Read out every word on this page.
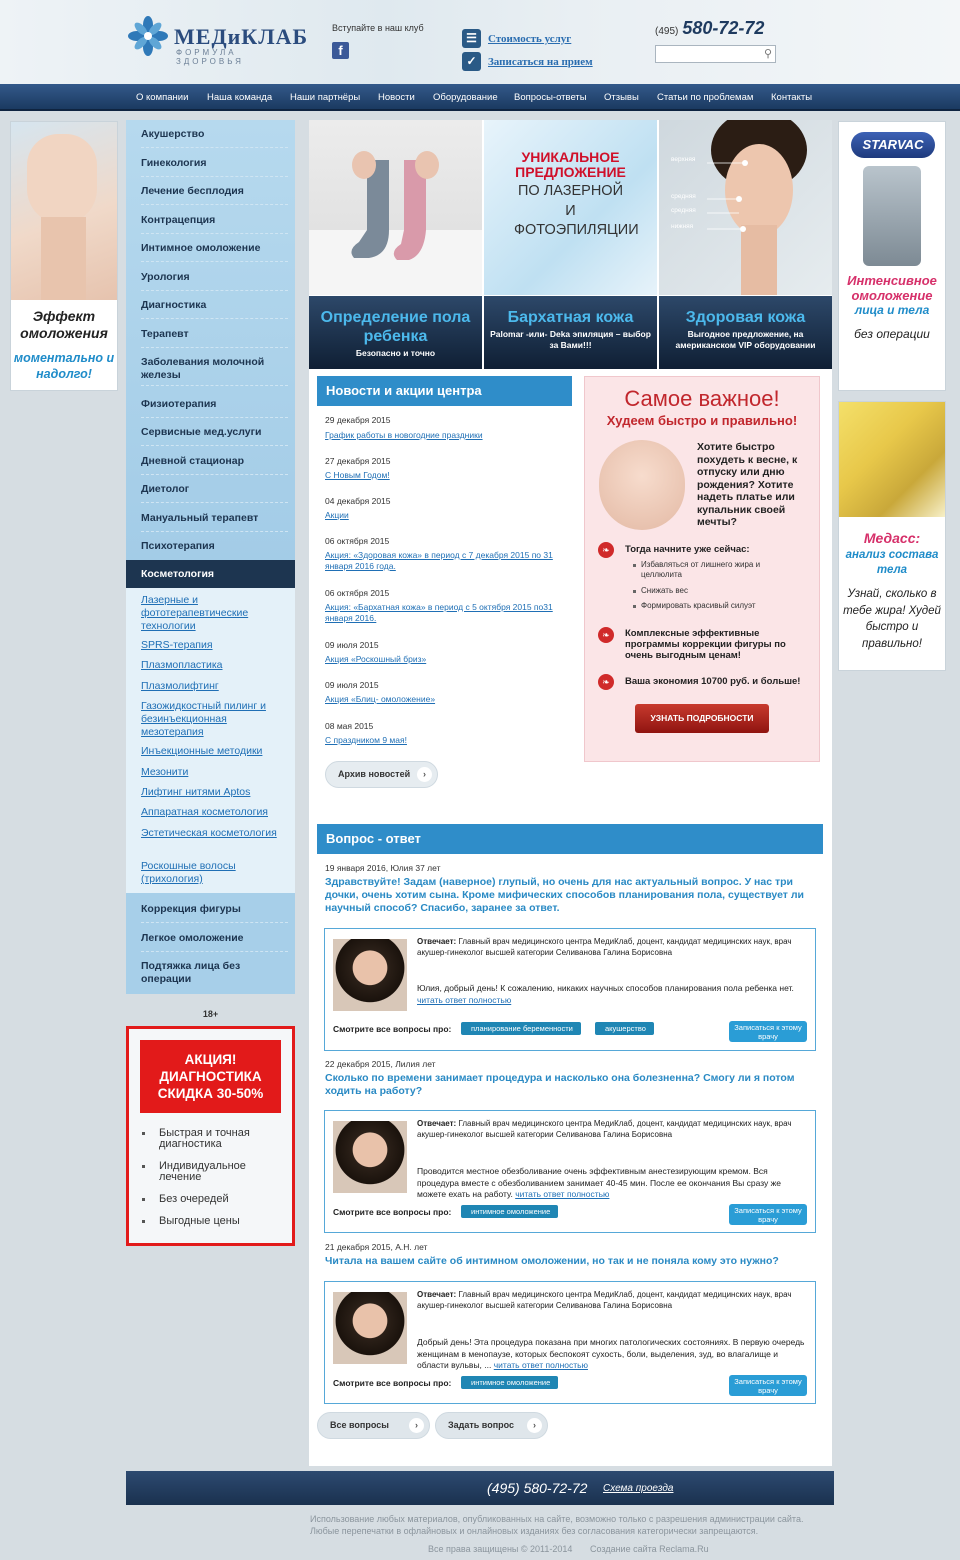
МЕДиКЛАБ
ФОРМУЛА ЗДОРОВЬЯ
Вступайте в наш клуб
f
☰	Стоимость услуг
✓	Записаться на прием
(495) 580-72-72
⚲
О компании Наша команда Наши партнёры Новости Оборудование Вопросы-ответы Отзывы Статьи по проблемам Контакты
Эффект омоложения
моментально и надолго!
Акушерство
Гинекология
Лечение бесплодия
Контрацепция
Интимное омоложение
Урология
Диагностика
Терапевт
Заболевания молочной железы
Физиотерапия
Сервисные мед.услуги
Дневной стационар
Диетолог
Мануальный терапевт
Психотерапия
Косметология
Лазерные и фототерапевтические технологии
SPRS-терапия
Плазмопластика
Плазмолифтинг
Газожидкостный пилинг и безинъекционная мезотерапия
Инъекционные методики
Мезонити
Лифтинг нитями Aptos
Аппаратная косметология
Эстетическая косметология
Роскошные волосы (трихология)
Коррекция фигуры
Легкое омоложение
Подтяжка лица без операции
18+
АКЦИЯ! ДИАГНОСТИКА СКИДКА 30-50%
Быстрая и точная диагностика
Индивидуальное лечение
Без очередей
Выгодные цены
Определение пола ребенка
Безопасно и точно
УНИКАЛЬНОЕ ПРЕДЛОЖЕНИЕ
ПО ЛАЗЕРНОЙ И ФОТОЭПИЛЯЦИИ
Бархатная кожа
Palomar -или- Deka эпиляция – выбор за Вами!!!
верхняя
средняя
средняя
нижняя
Здоровая кожа
Выгодное предложение, на американском VIP оборудовании
Новости и акции центра
29 декабря 2015
График работы в новогодние праздники
27 декабря 2015
С Новым Годом!
04 декабря 2015
Акции
06 октября 2015
Акция: «Здоровая кожа» в период с 7 декабря 2015 по 31 января 2016 года.
06 октября 2015
Акция: «Бархатная кожа» в период с 5 октября 2015 по31 января 2016.
09 июля 2015
Акция «Роскошный бриз»
09 июля 2015
Акция «Блиц- омоложение»
08 мая 2015
С праздником 9 мая!
Архив новостей	›
Самое важное!
Худеем быстро и правильно!
Хотите быстро похудеть к весне, к отпуску или дню рождения? Хотите надеть платье или купальник своей мечты?
❧	Тогда начните уже сейчас:
Избавляться от лишнего жира и целлюлита
Снижать вес
Формировать красивый силуэт
❧	Комплексные эффективные программы коррекции фигуры по очень выгодным ценам!
❧	Ваша экономия 10700 руб. и больше!
УЗНАТЬ ПОДРОБНОСТИ
Вопрос - ответ
19 января 2016, Юлия 37 лет
Здравствуйте! Задам (наверное) глупый, но очень для нас актуальный вопрос. У нас три дочки, очень хотим сына. Кроме мифических способов планирования пола, существует ли научный способ? Спасибо, заранее за ответ.
Отвечает: Главный врач медицинского центра МедиКлаб, доцент, кандидат медицинских наук, врач акушер-гинеколог высшей категории Селиванова Галина Борисовна
Юлия, добрый день! К сожалению, никаких научных способов планирования пола ребенка нет. читать ответ полностью
Смотрите все вопросы про:	планирование беременности	акушерство	Записаться к этому врачу
22 декабря 2015, Лилия лет
Сколько по времени занимает процедура и насколько она болезненна? Смогу ли я потом ходить на работу?
Отвечает: Главный врач медицинского центра МедиКлаб, доцент, кандидат медицинских наук, врач акушер-гинеколог высшей категории Селиванова Галина Борисовна
Проводится местное обезболивание очень эффективным анестезирующим кремом. Вся процедура вместе с обезболиванием занимает 40-45 мин. После ее окончания Вы сразу же можете ехать на работу. читать ответ полностью
Смотрите все вопросы про:	интимное омоложение	Записаться к этому врачу
21 декабря 2015, А.Н. лет
Читала на вашем сайте об интимном омоложении, но так и не поняла кому это нужно?
Отвечает: Главный врач медицинского центра МедиКлаб, доцент, кандидат медицинских наук, врач акушер-гинеколог высшей категории Селиванова Галина Борисовна
Добрый день! Эта процедура показана при многих патологических состояниях. В первую очередь женщинам в менопаузе, которых беспокоят сухость, боли, выделения, зуд, во влагалище и области вульвы, ... читать ответ полностью
Смотрите все вопросы про:	интимное омоложение	Записаться к этому врачу
Все вопросы	›	Задать вопрос	›
STARVAC
Интенсивное омоложение
лица и тела
без операции
Медасс:
анализ состава тела
Узнай, сколько в тебе жира! Худей быстро и правильно!
(495) 580-72-72 Схема проезда
Использование любых материалов, опубликованных на сайте, возможно только с разрешения администрации сайта. Любые перепечатки в офлайновых и онлайновых изданиях без согласования категорически запрещаются.
Все права защищены © 2011-2014 Создание сайта Reclama.Ru
